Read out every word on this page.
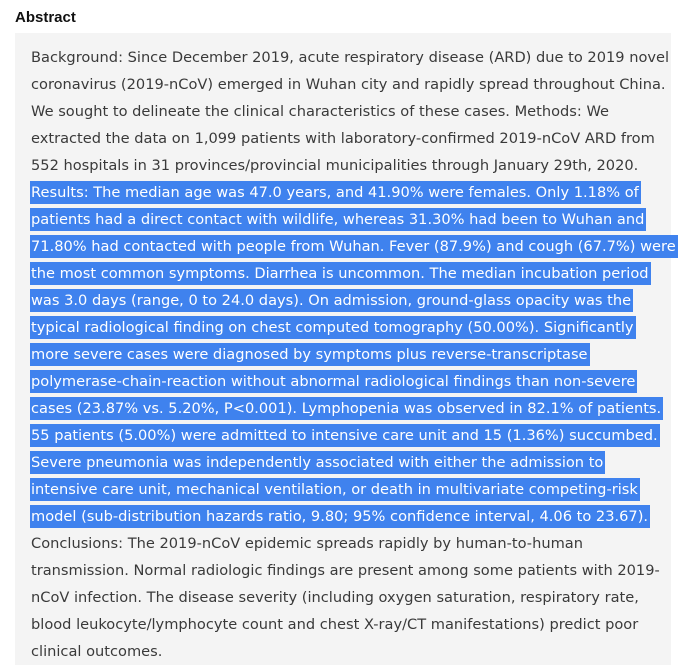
Abstract
Background: Since December 2019, acute respiratory disease (ARD) due to 2019 novel
coronavirus (2019-nCoV) emerged in Wuhan city and rapidly spread throughout China.
We sought to delineate the clinical characteristics of these cases. Methods: We
extracted the data on 1,099 patients with laboratory-confirmed 2019-nCoV ARD from
552 hospitals in 31 provinces/provincial municipalities through January 29th, 2020.
Results: The median age was 47.0 years, and 41.90% were females. Only 1.18% of
patients had a direct contact with wildlife, whereas 31.30% had been to Wuhan and
71.80% had contacted with people from Wuhan. Fever (87.9%) and cough (67.7%) were
the most common symptoms. Diarrhea is uncommon. The median incubation period
was 3.0 days (range, 0 to 24.0 days). On admission, ground-glass opacity was the
typical radiological finding on chest computed tomography (50.00%). Significantly
more severe cases were diagnosed by symptoms plus reverse-transcriptase
polymerase-chain-reaction without abnormal radiological findings than non-severe
cases (23.87% vs. 5.20%, P<0.001). Lymphopenia was observed in 82.1% of patients.
55 patients (5.00%) were admitted to intensive care unit and 15 (1.36%) succumbed.
Severe pneumonia was independently associated with either the admission to
intensive care unit, mechanical ventilation, or death in multivariate competing-risk
model (sub-distribution hazards ratio, 9.80; 95% confidence interval, 4.06 to 23.67).
Conclusions: The 2019-nCoV epidemic spreads rapidly by human-to-human
transmission. Normal radiologic findings are present among some patients with 2019-
nCoV infection. The disease severity (including oxygen saturation, respiratory rate,
blood leukocyte/lymphocyte count and chest X-ray/CT manifestations) predict poor
clinical outcomes.
